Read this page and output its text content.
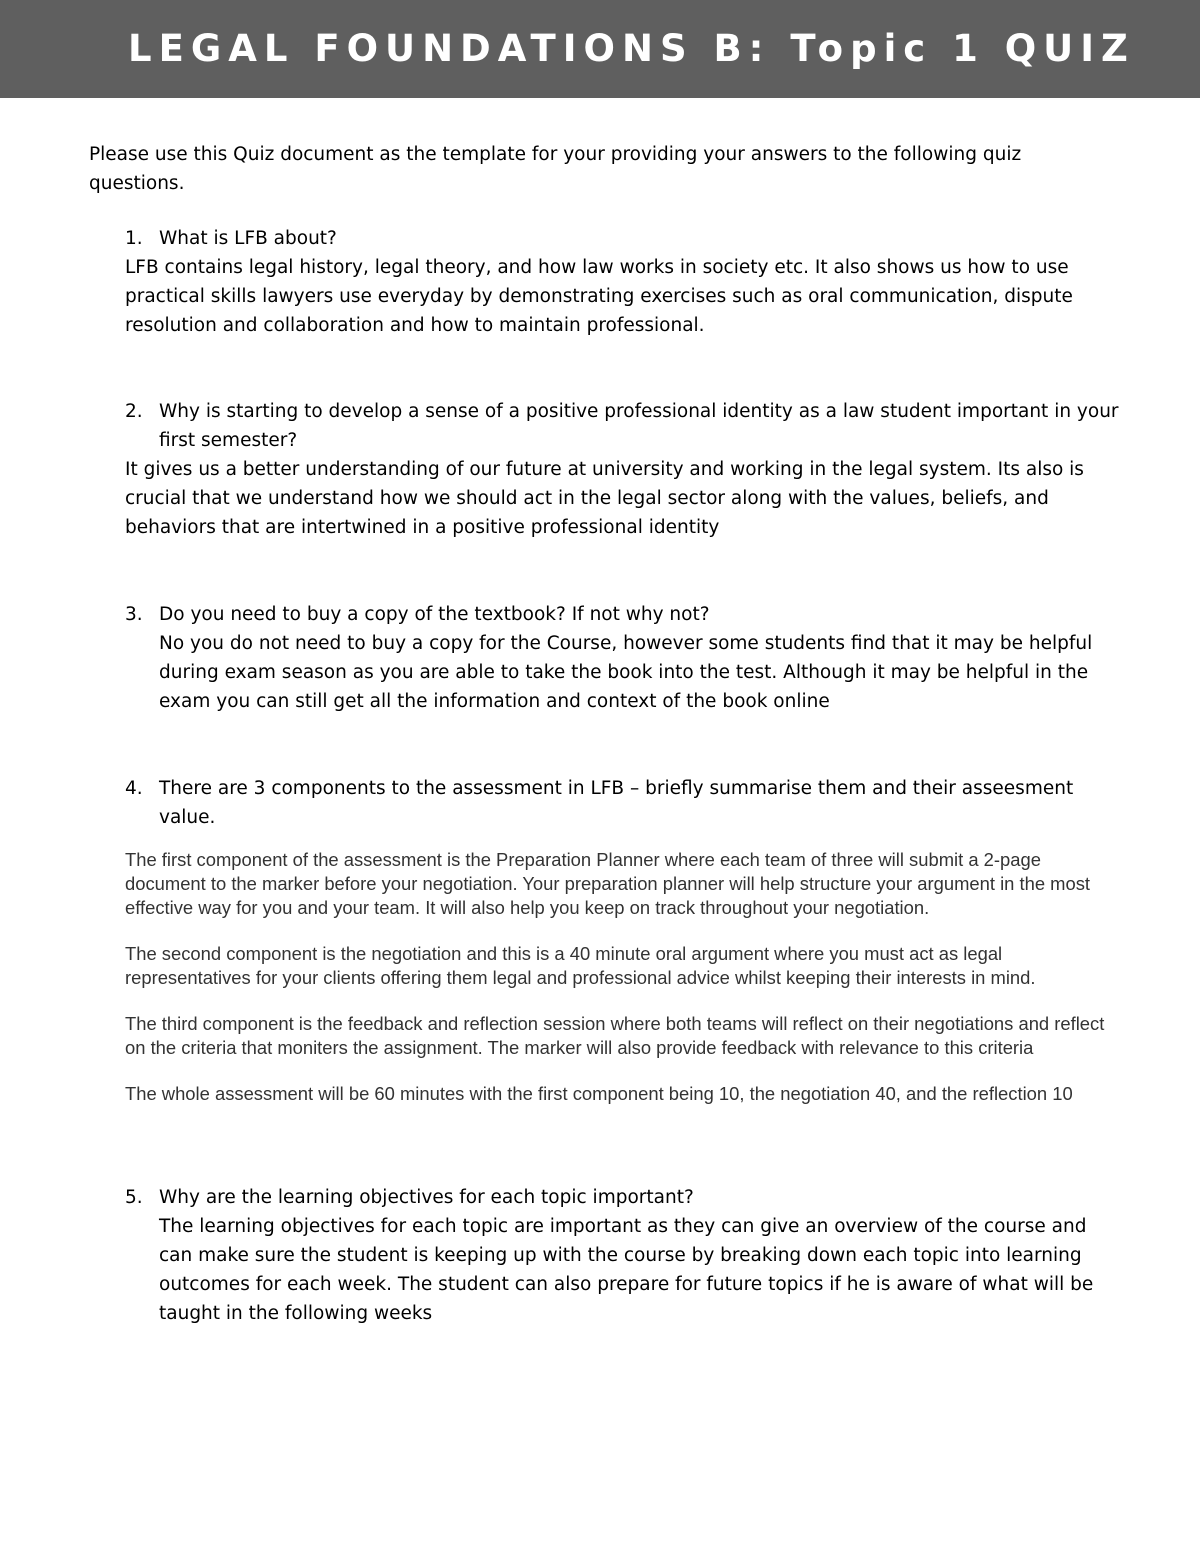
LEGAL FOUNDATIONS B: Topic 1 QUIZ

Please use this Quiz document as the template for your providing your answers to the following quiz questions.

1. What is LFB about?

LFB contains legal history, legal theory, and how law works in society etc. It also shows us how to use practical skills lawyers use everyday by demonstrating exercises such as oral communication, dispute resolution and collaboration and how to maintain professional.

2. Why is starting to develop a sense of a positive professional identity as a law student important in your first semester?

It gives us a better understanding of our future at university and working in the legal system. Its also is crucial that we understand how we should act in the legal sector along with the values, beliefs, and behaviors that are intertwined in a positive professional identity

3. Do you need to buy a copy of the textbook? If not why not?

No you do not need to buy a copy for the Course, however some students find that it may be helpful during exam season as you are able to take the book into the test. Although it may be helpful in the exam you can still get all the information and context of the book online

4. There are 3 components to the assessment in LFB – briefly summarise them and their asseesment value.

The first component of the assessment is the Preparation Planner where each team of three will submit a 2-page document to the marker before your negotiation. Your preparation planner will help structure your argument in the most effective way for you and your team. It will also help you keep on track throughout your negotiation.

The second component is the negotiation and this is a 40 minute oral argument where you must act as legal representatives for your clients offering them legal and professional advice whilst keeping their interests in mind.

The third component is the feedback and reflection session where both teams will reflect on their negotiations and reflect on the criteria that moniters the assignment. The marker will also provide feedback with relevance to this criteria

The whole assessment will be 60 minutes with the first component being 10, the negotiation 40, and the reflection 10

5. Why are the learning objectives for each topic important?

The learning objectives for each topic are important as they can give an overview of the course and can make sure the student is keeping up with the course by breaking down each topic into learning outcomes for each week. The student can also prepare for future topics if he is aware of what will be taught in the following weeks
